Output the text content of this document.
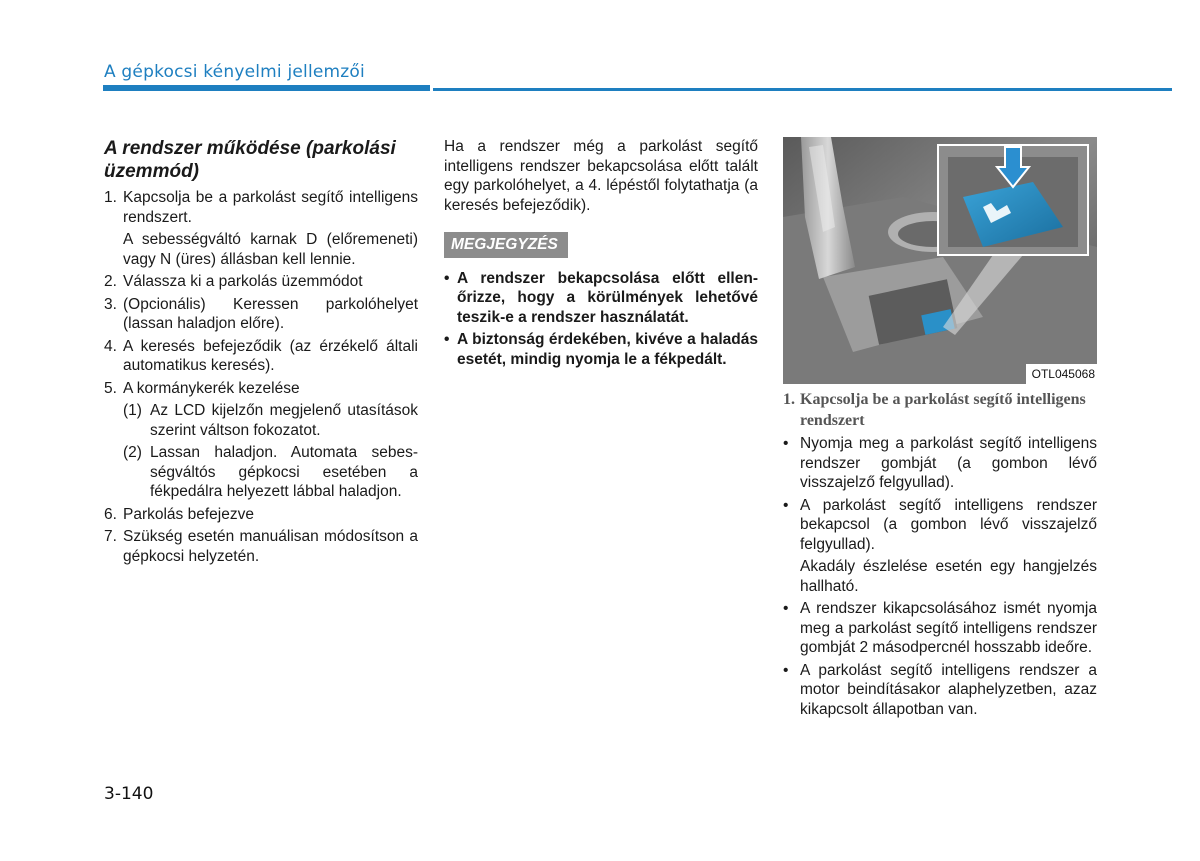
A gépkocsi kényelmi jellemzői
A rendszer működése (parkolási üzemmód)
1. Kapcsolja be a parkolást segítő intelligens rendszert.
A sebességváltó karnak D (előremeneti) vagy N (üres) állásban kell lennie.
2. Válassza ki a parkolás üzemmódot
3. (Opcionális) Keressen parkolóhelyet (lassan haladjon előre).
4. A keresés befejeződik (az érzékelő általi automatikus keresés).
5. A kormánykerék kezelése
(1) Az LCD kijelzőn megjelenő utasítások szerint váltson fokozatot.
(2) Lassan haladjon. Automata sebességváltós gépkocsi esetében a fékpedálra helyezett lábbal haladjon.
6. Parkolás befejezve
7. Szükség esetén manuálisan módosítson a gépkocsi helyzetén.
Ha a rendszer még a parkolást segítő intelligens rendszer bekapcsolása előtt talált egy parkolóhelyet, a 4. lépéstől folytathatja (a keresés befejeződik).
MEGJEGYZÉS
• A rendszer bekapcsolása előtt ellenőrizze, hogy a körülmények lehetővé teszik-e a rendszer használatát.
• A biztonság érdekében, kivéve a haladás esetét, mindig nyomja le a fékpedált.
OTL045068
1. Kapcsolja be a parkolást segítő intelligens rendszert
• Nyomja meg a parkolást segítő intelligens rendszer gombját (a gombon lévő visszajelző felgyullad).
• A parkolást segítő intelligens rendszer bekapcsol (a gombon lévő visszajelző felgyullad).
Akadály észlelése esetén egy hangjelzés hallható.
• A rendszer kikapcsolásához ismét nyomja meg a parkolást segítő intelligens rendszer gombját 2 másodpercnél hosszabb ideőre.
• A parkolást segítő intelligens rendszer a motor beindításakor alaphelyzetben, azaz kikapcsolt állapotban van.
3-140
